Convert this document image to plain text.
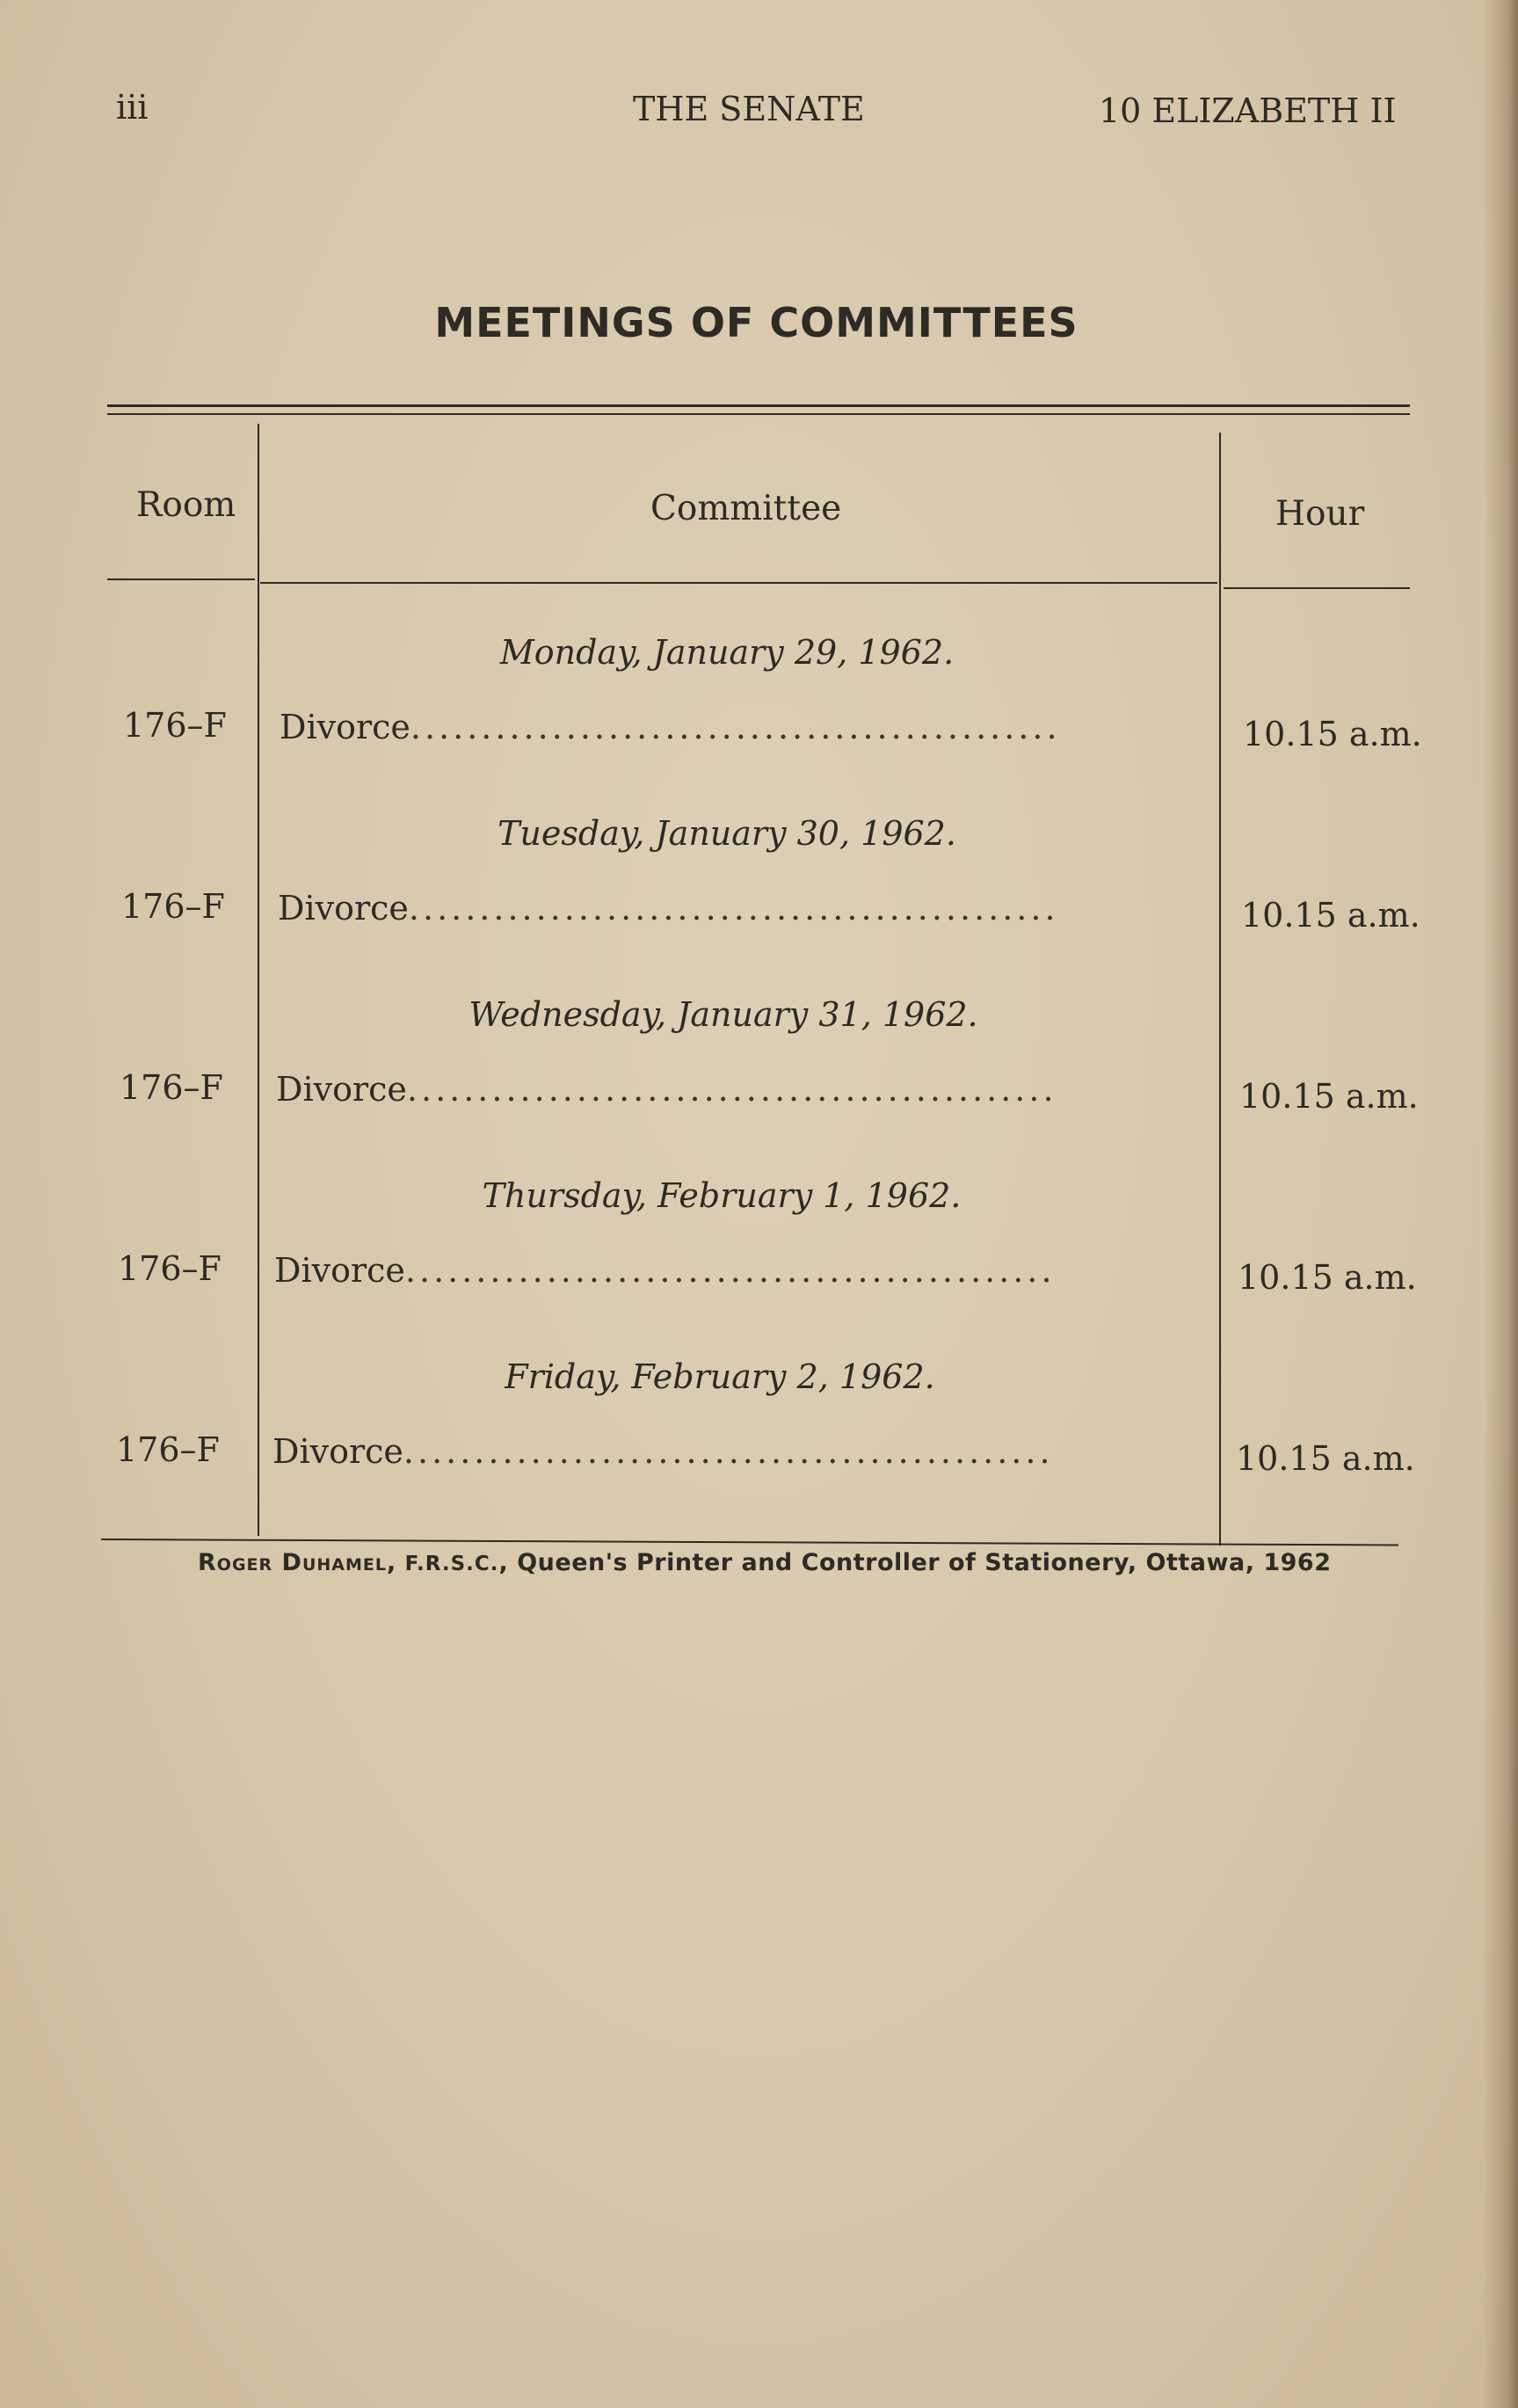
iii	THE SENATE	10 ELIZABETH II
MEETINGS OF COMMITTEES
Room	Committee	Hour
Monday, January 29, 1962.
176–F Divorce..............................................	10.15 a.m.
Tuesday, January 30, 1962.
176–F Divorce..............................................	10.15 a.m.
Wednesday, January 31, 1962.
176–F Divorce..............................................	10.15 a.m.
Thursday, February 1, 1962.
176–F Divorce..............................................	10.15 a.m.
Friday, February 2, 1962.
176–F Divorce..............................................	10.15 a.m.
Roger Duhamel, F.R.S.C., Queen's Printer and Controller of Stationery, Ottawa, 1962
